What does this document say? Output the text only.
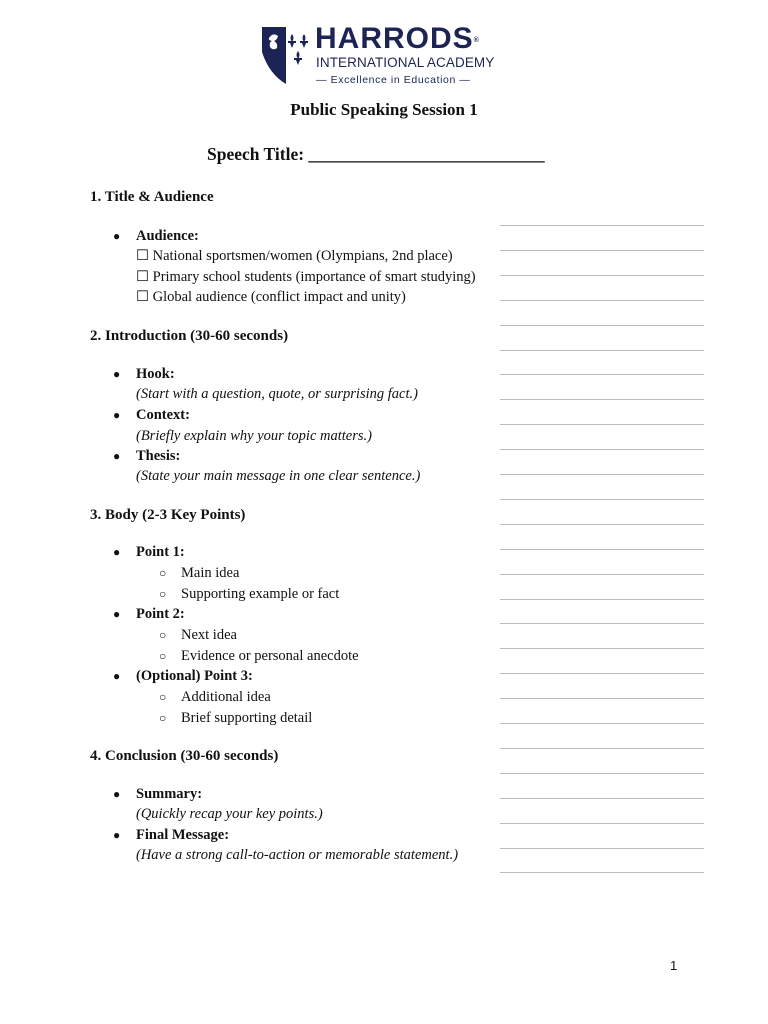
HARRODS®
INTERNATIONAL ACADEMY
— Excellence in Education —
Public Speaking Session 1
Speech Title: ___________________________
1. Title & Audience
● Audience:
☐ National sportsmen/women (Olympians, 2nd place)
☐ Primary school students (importance of smart studying)
☐ Global audience (conflict impact and unity)
2. Introduction (30-60 seconds)
● Hook:
(Start with a question, quote, or surprising fact.)
● Context:
(Briefly explain why your topic matters.)
● Thesis:
(State your main message in one clear sentence.)
3. Body (2-3 Key Points)
● Point 1:
○ Main idea
○ Supporting example or fact
● Point 2:
○ Next idea
○ Evidence or personal anecdote
● (Optional) Point 3:
○ Additional idea
○ Brief supporting detail
4. Conclusion (30-60 seconds)
● Summary:
(Quickly recap your key points.)
● Final Message:
(Have a strong call-to-action or memorable statement.)
1
